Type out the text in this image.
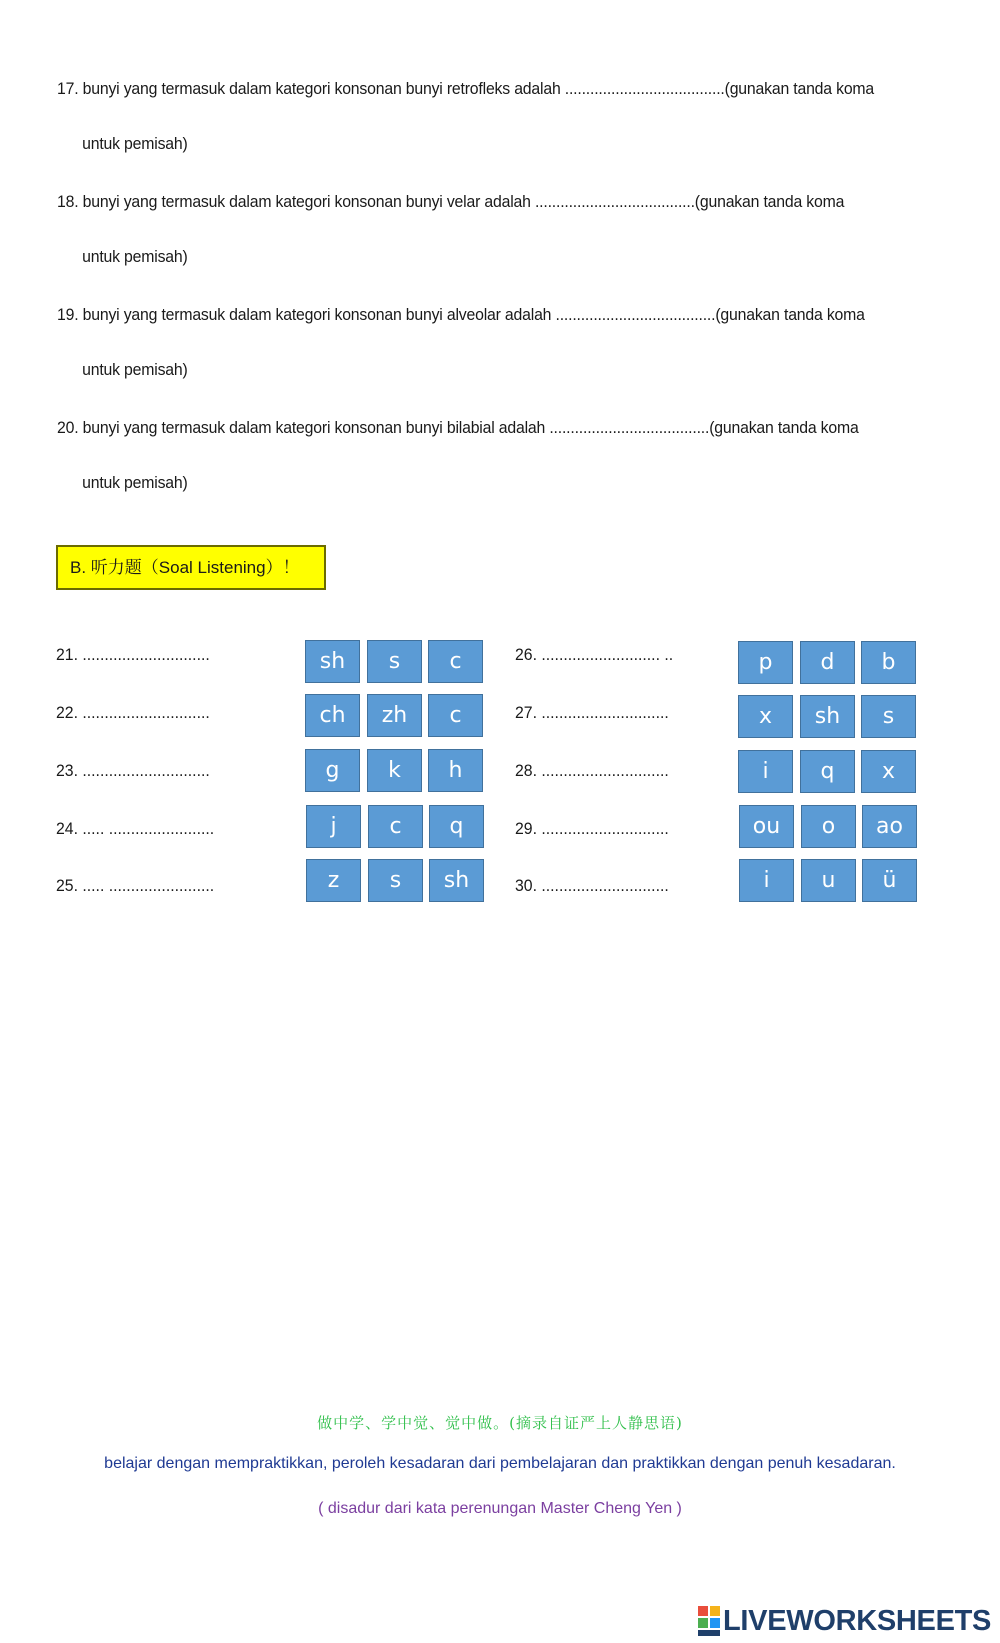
17. bunyi yang termasuk dalam kategori konsonan bunyi retrofleks adalah ......................................(gunakan tanda koma
untuk pemisah)
18. bunyi yang termasuk dalam kategori konsonan bunyi velar adalah ......................................(gunakan tanda koma
untuk pemisah)
19. bunyi yang termasuk dalam kategori konsonan bunyi alveolar adalah ......................................(gunakan tanda koma
untuk pemisah)
20. bunyi yang termasuk dalam kategori konsonan bunyi bilabial adalah ......................................(gunakan tanda koma
untuk pemisah)
B. 听力题（Soal Listening）！
21. .............................	sh	s	c
22. .............................	ch	zh	c
23. .............................	g	k	h
24. ..... ........................	j	c	q
25. ..... ........................	z	s	sh
26. ........................... ..	p	d	b
27. .............................	x	sh	s
28. .............................	i	q	x
29. .............................	ou	o	ao
30. .............................	i	u	ü
做中学、学中觉、觉中做。(摘录自证严上人静思语)
belajar dengan mempraktikkan, peroleh kesadaran dari pembelajaran dan praktikkan dengan penuh kesadaran.
( disadur dari kata perenungan Master Cheng Yen )
LIVEWORKSHEETS
